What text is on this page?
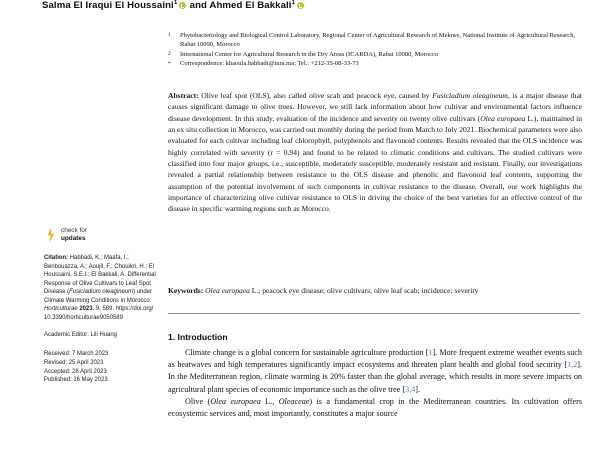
Salma El Iraqui El Houssaini$^1$ and Ahmed El Bakkali$^1$
1	Phytobacteriology and Biological Control Laboratory, Regional Center of Agricultural Research of Meknes, National Institute of Agricultural Research, Rabat 10090, Morocco
2	International Center for Agricultural Research in the Dry Areas (ICARDA), Rabat 10080, Morocco
*	Correspondence: khaoula.habbadi@inra.ma; Tel.: +212-35-08-33-73
Abstract: Olive leaf spot (OLS), also called olive scab and peacock eye, caused by Fusicladium oleagineum, is a major disease that causes significant damage to olive trees. However, we still lack information about how cultivar and environmental factors influence disease development. In this study, evaluation of the incidence and severity on twenty olive cultivars (Olea europaea L.), maintained in an ex situ collection in Morocco, was carried out monthly during the period from March to July 2021. Biochemical parameters were also evaluated for each cultivar including leaf chlorophyll, polyphenols and flavonoid contents. Results revealed that the OLS incidence was highly correlated with severity (r = 0.94) and found to be related to climatic conditions and cultivars. The studied cultivars were classified into four major groups, i.e., susceptible, moderately susceptible, moderately resistant and resistant. Finally, our investigations revealed a partial relationship between resistance to the OLS disease and phenolic and flavonoid leaf contents, supporting the assumption of the potential involvement of such components in cultivar resistance to the disease. Overall, our work highlights the importance of characterizing olive cultivar resistance to OLS in driving the choice of the best varieties for an effective control of the disease in specific warming regions such as Morocco.
Keywords: Olea europaea L.; peacock eye disease; olive cultivars; olive leaf scab; incidence; severity
1. Introduction

Climate change is a global concern for sustainable agriculture production [1]. More frequent extreme weather events such as heatwaves and high temperatures significantly impact ecosystems and threaten plant health and global food security [1,2]. In the Mediterranean region, climate warming is 20% faster than the global average, which results in more severe impacts on agricultural plant species of economic importance such as the olive tree [3,4].

Olive (Olea europaea L., Oleaceae) is a fundamental crop in the Mediterranean countries. Its cultivation offers ecosystemic services and, most importantly, constitutes a major source

check for
updates
Citation: Habbadi, K.; Maafa, I.; Benbouazza, A.; Aoujil, F.; Chouikri, H.; El Houssaini, S.E.I.; El Bakkali, A. Differential Response of Olive Cultivars to Leaf Spot Disease (Fusicladium oleagineum) under Climate Warming Conditions in Morocco. Horticulturae 2023, 9, 589. https://doi.org/10.3390/horticulturae9050589
Academic Editor: Lili Huang
Received: 7 March 2023
Revised: 25 April 2023
Accepted: 28 April 2023
Published: 16 May 2023
